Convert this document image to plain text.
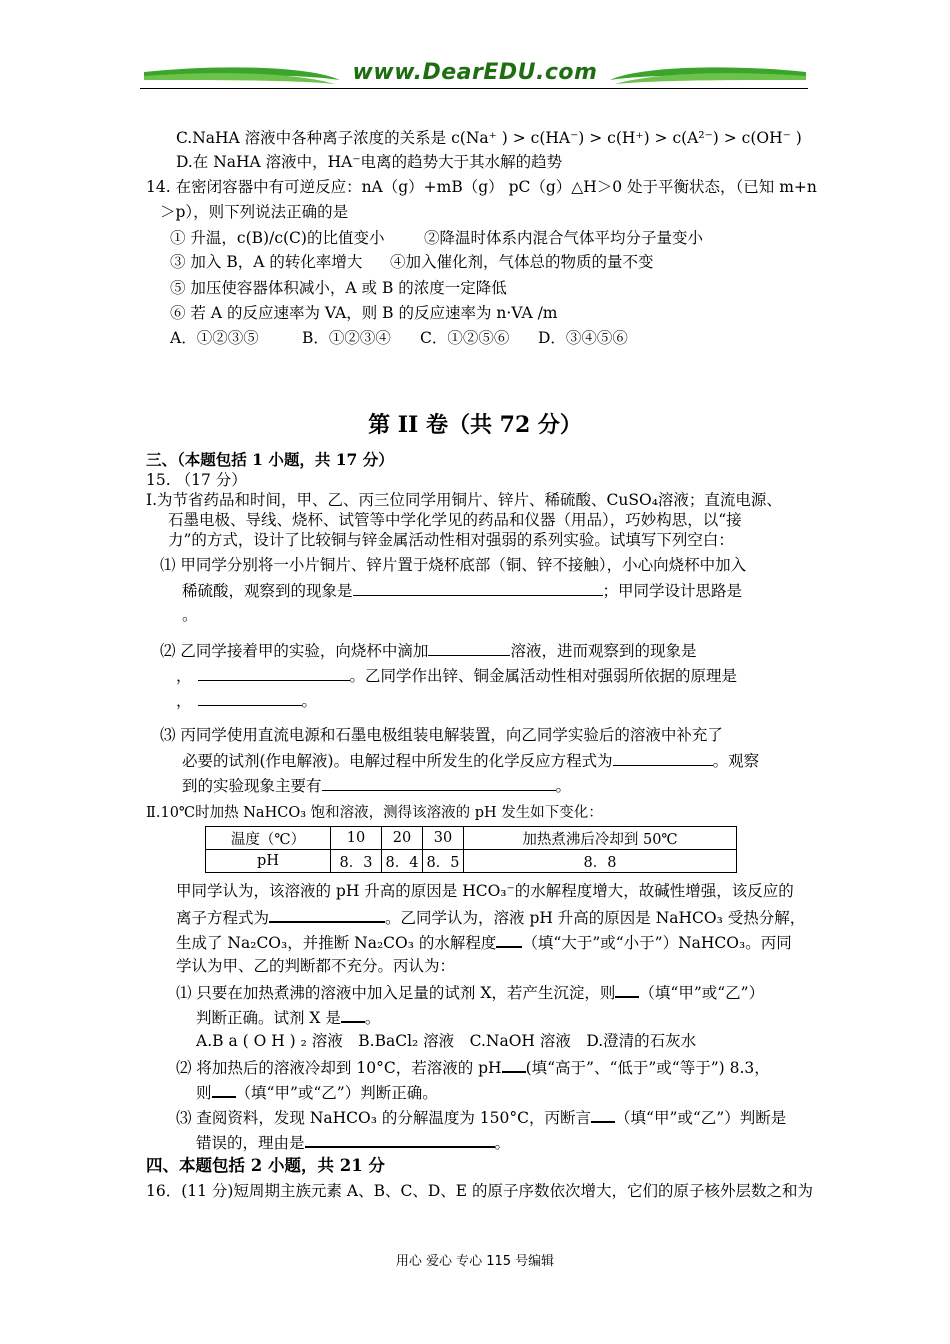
www.DearEDU.com
C.NaHA 溶液中各种离子浓度的关系是 c(Na⁺ ) > c(HA⁻) > c(H⁺) > c(A²⁻) > c(OH⁻ )
D.在 NaHA 溶液中，HA⁻电离的趋势大于其水解的趋势
14. 在密闭容器中有可逆反应：nA（g）+mB（g） pC（g）△H＞0 处于平衡状态，（已知 m+n
＞p），则下列说法正确的是
① 升温，c(B)/c(C)的比值变小	②降温时体系内混合气体平均分子量变小
③ 加入 B，A 的转化率增大 ④加入催化剂，气体总的物质的量不变
⑤ 加压使容器体积减小，A 或 B 的浓度一定降低
⑥ 若 A 的反应速率为 VA，则 B 的反应速率为 n·VA /m
A．①②③⑤	B．①②③④ C．①②⑤⑥ D．③④⑤⑥
第 II 卷（共 72 分）
三、（本题包括 1 小题，共 17 分）
15. （17 分）
Ⅰ.为节省药品和时间，甲、乙、丙三位同学用铜片、锌片、稀硫酸、CuSO₄溶液；直流电源、
石墨电极、导线、烧杯、试管等中学化学见的药品和仪器（用品），巧妙构思，以“接
力”的方式，设计了比较铜与锌金属活动性相对强弱的系列实验。试填写下列空白：
⑴ 甲同学分别将一小片铜片、锌片置于烧杯底部（铜、锌不接触），小心向烧杯中加入
稀硫酸，观察到的现象是	；甲同学设计思路是
。
⑵ 乙同学接着甲的实验，向烧杯中滴加	溶液，进而观察到的现象是
，	。乙同学作出锌、铜金属活动性相对强弱所依据的原理是
，	。
⑶ 丙同学使用直流电源和石墨电极组装电解装置，向乙同学实验后的溶液中补充了
必要的试剂(作电解液)。电解过程中所发生的化学反应方程式为	。观察
到的实验现象主要有	。
Ⅱ.10℃时加热 NaHCO₃ 饱和溶液，测得该溶液的 pH 发生如下变化：
温度（℃）	10	20	30	加热煮沸后冷却到 50℃
pH	8．3	8．4	8．5	8．8
甲同学认为，该溶液的 pH 升高的原因是 HCO₃⁻的水解程度增大，故碱性增强，该反应的
离子方程式为	。乙同学认为，溶液 pH 升高的原因是 NaHCO₃ 受热分解，
生成了 Na₂CO₃，并推断 Na₂CO₃ 的水解程度 （填“大于”或“小于”）NaHCO₃。丙同
学认为甲、乙的判断都不充分。丙认为：
⑴ 只要在加热煮沸的溶液中加入足量的试剂 X，若产生沉淀，则 （填“甲”或“乙”）
判断正确。试剂 X 是 。
A.B a ( O H ) ₂ 溶液　B.BaCl₂ 溶液　C.NaOH 溶液　D.澄清的石灰水
⑵ 将加热后的溶液冷却到 10°C，若溶液的 pH (填“高于”、“低于”或“等于”) 8.3，
则 （填“甲”或“乙”）判断正确。
⑶ 查阅资料，发现 NaHCO₃ 的分解温度为 150°C，丙断言 （填“甲”或“乙”）判断是
错误的，理由是	。
四、本题包括 2 小题，共 21 分
16．(11 分)短周期主族元素 A、B、C、D、E 的原子序数依次增大，它们的原子核外层数之和为
用心 爱心 专心 115 号编辑
